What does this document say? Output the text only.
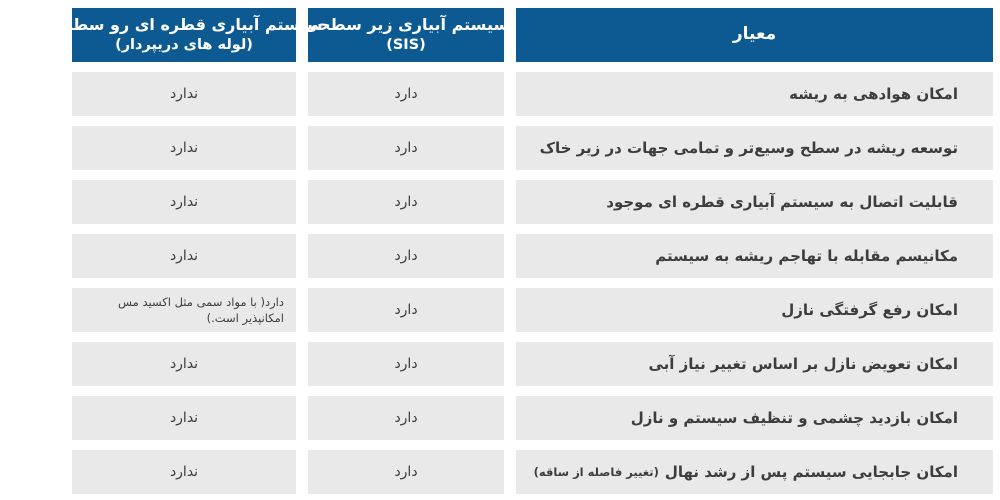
معیار
سیستم آبیاری زیر سطحی
(SIS)
سیستم آبیاری قطره ای رو سطحی
(لوله های دریپردار)
امکان هوادهی به ریشه
دارد
ندارد
توسعه ریشه در سطح وسیع‌تر و تمامی جهات در زیر خاک
دارد
ندارد
قابلیت اتصال به سیستم آبیاری قطره ای موجود
دارد
ندارد
مکانیسم مقابله با تهاجم ریشه به سیستم
دارد
ندارد
امکان رفع گرفتگی نازل
دارد
دارد( با مواد سمی مثل اکسید مس امکانپذیر است.)
امکان تعویض نازل بر اساس تغییر نیاز آبی
دارد
ندارد
امکان بازدید چشمی و تنظیف سیستم و نازل
دارد
ندارد
امکان جابجایی سیستم پس از رشد نهال
(تغییر فاصله از ساقه)
دارد
ندارد
